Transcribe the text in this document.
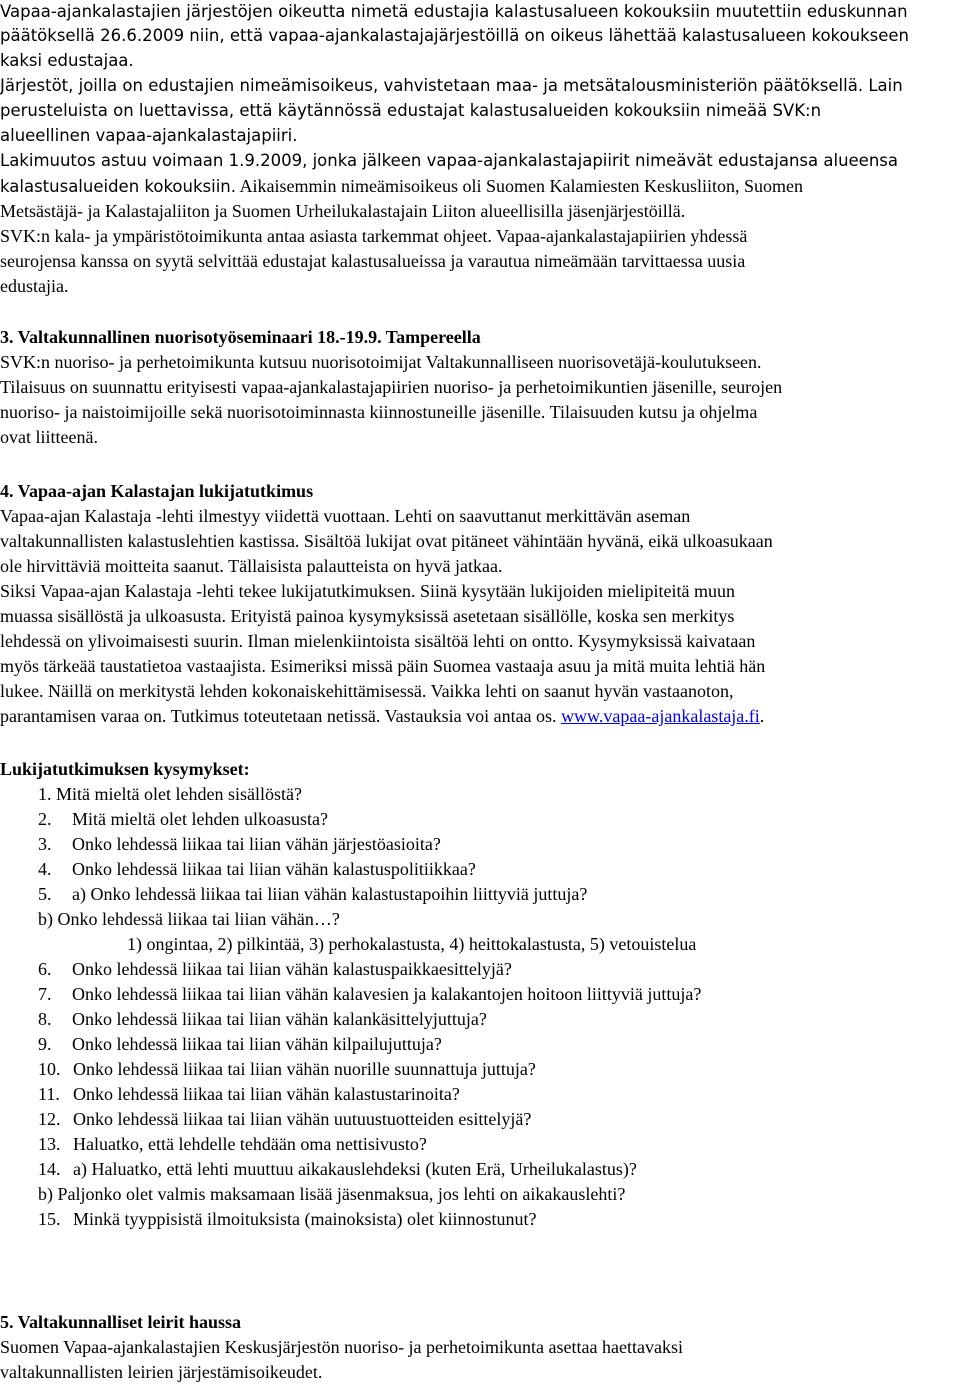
Vapaa-ajankalastajien järjestöjen oikeutta nimetä edustajia kalastusalueen kokouksiin muutettiin eduskunnan
päätöksellä 26.6.2009 niin, että vapaa-ajankalastajajärjestöillä on oikeus lähettää kalastusalueen kokoukseen
kaksi edustajaa.
Järjestöt, joilla on edustajien nimeämisoikeus, vahvistetaan maa- ja metsätalousministeriön päätöksellä. Lain
perusteluista on luettavissa, että käytännössä edustajat kalastusalueiden kokouksiin nimeää SVK:n
alueellinen vapaa-ajankalastajapiiri.
Lakimuutos astuu voimaan 1.9.2009, jonka jälkeen vapaa-ajankalastajapiirit nimeävät edustajansa alueensa
kalastusalueiden kokouksiin. Aikaisemmin nimeämisoikeus oli Suomen Kalamiesten Keskusliiton, Suomen
Metsästäjä- ja Kalastajaliiton ja Suomen Urheilukalastajain Liiton alueellisilla jäsenjärjestöillä.
SVK:n kala- ja ympäristötoimikunta antaa asiasta tarkemmat ohjeet. Vapaa-ajankalastajapiirien yhdessä
seurojensa kanssa on syytä selvittää edustajat kalastusalueissa ja varautua nimeämään tarvittaessa uusia
edustajia.
3. Valtakunnallinen nuorisotyöseminaari 18.-19.9. Tampereella
SVK:n nuoriso- ja perhetoimikunta kutsuu nuorisotoimijat Valtakunnalliseen nuorisovetäjä-koulutukseen.
Tilaisuus on suunnattu erityisesti vapaa-ajankalastajapiirien nuoriso- ja perhetoimikuntien jäsenille, seurojen
nuoriso- ja naistoimijoille sekä nuorisotoiminnasta kiinnostuneille jäsenille. Tilaisuuden kutsu ja ohjelma
ovat liitteenä.
4. Vapaa-ajan Kalastajan lukijatutkimus
Vapaa-ajan Kalastaja -lehti ilmestyy viidettä vuottaan. Lehti on saavuttanut merkittävän aseman
valtakunnallisten kalastuslehtien kastissa. Sisältöä lukijat ovat pitäneet vähintään hyvänä, eikä ulkoasukaan
ole hirvittäviä moitteita saanut. Tällaisista palautteista on hyvä jatkaa.
Siksi Vapaa-ajan Kalastaja -lehti tekee lukijatutkimuksen. Siinä kysytään lukijoiden mielipiteitä muun
muassa sisällöstä ja ulkoasusta. Erityistä painoa kysymyksissä asetetaan sisällölle, koska sen merkitys
lehdessä on ylivoimaisesti suurin. Ilman mielenkiintoista sisältöä lehti on ontto. Kysymyksissä kaivataan
myös tärkeää taustatietoa vastaajista. Esimeriksi missä päin Suomea vastaaja asuu ja mitä muita lehtiä hän
lukee. Näillä on merkitystä lehden kokonaiskehittämisessä. Vaikka lehti on saanut hyvän vastaanoton,
parantamisen varaa on. Tutkimus toteutetaan netissä. Vastauksia voi antaa os. www.vapaa-ajankalastaja.fi.
Lukijatutkimuksen kysymykset:
1. Mitä mieltä olet lehden sisällöstä?
2. Mitä mieltä olet lehden ulkoasusta?
3. Onko lehdessä liikaa tai liian vähän järjestöasioita?
4. Onko lehdessä liikaa tai liian vähän kalastuspolitiikkaa?
5. a) Onko lehdessä liikaa tai liian vähän kalastustapoihin liittyviä juttuja?
b) Onko lehdessä liikaa tai liian vähän…?
1) ongintaa, 2) pilkintää, 3) perhokalastusta, 4) heittokalastusta, 5) vetouistelua
6. Onko lehdessä liikaa tai liian vähän kalastuspaikkaesittelyjä?
7. Onko lehdessä liikaa tai liian vähän kalavesien ja kalakantojen hoitoon liittyviä juttuja?
8. Onko lehdessä liikaa tai liian vähän kalankäsittelyjuttuja?
9. Onko lehdessä liikaa tai liian vähän kilpailujuttuja?
10. Onko lehdessä liikaa tai liian vähän nuorille suunnattuja juttuja?
11. Onko lehdessä liikaa tai liian vähän kalastustarinoita?
12. Onko lehdessä liikaa tai liian vähän uutuustuotteiden esittelyjä?
13. Haluatko, että lehdelle tehdään oma nettisivusto?
14. a) Haluatko, että lehti muuttuu aikakauslehdeksi (kuten Erä, Urheilukalastus)?
b) Paljonko olet valmis maksamaan lisää jäsenmaksua, jos lehti on aikakauslehti?
15. Minkä tyyppisistä ilmoituksista (mainoksista) olet kiinnostunut?
5. Valtakunnalliset leirit haussa
Suomen Vapaa-ajankalastajien Keskusjärjestön nuoriso- ja perhetoimikunta asettaa haettavaksi
valtakunnallisten leirien järjestämisoikeudet.
